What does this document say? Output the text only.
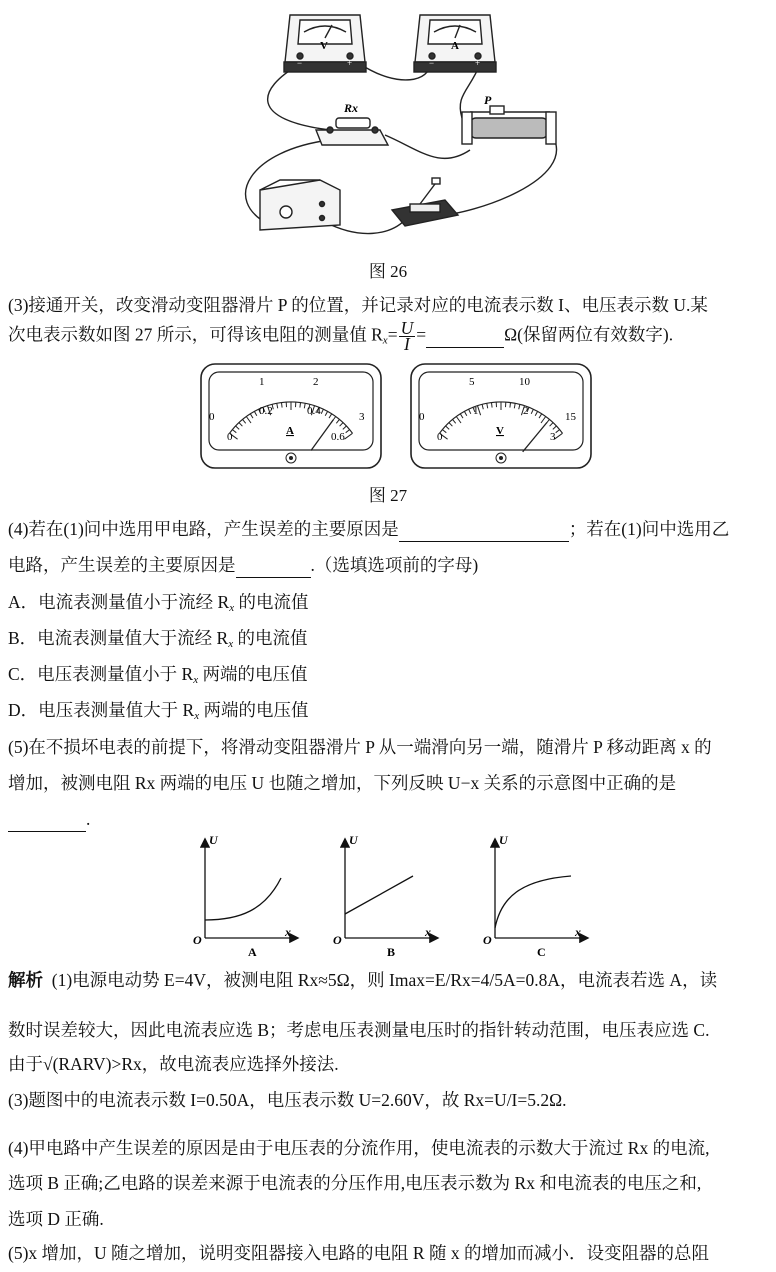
V
−	+
A
−	+
Rx
P
图 26
(3)接通开关，改变滑动变阻器滑片 P 的位置，并记录对应的电流表示数 I、电压表示数 U.某
次电表示数如图 27 所示，可得该电阻的测量值 $R_x= \frac{U}{I}$ =	Ω(保留两位有效数字).
A
0
1	2
3
0
0.2	0.4
0.6	V
0
5	10
15
0
1	2
3
图 27
(4)若在(1)问中选用甲电路，产生误差的主要原因是	；若在(1)问中选用乙
电路，产生误差的主要原因是	.（选填选项前的字母)
A．电流表测量值小于流经 $R_x$ 的电流值
B．电流表测量值大于流经 $R_x$ 的电流值
C．电压表测量值小于 $R_x$ 两端的电压值
D．电压表测量值大于 $R_x$ 两端的电压值
(5)在不损坏电表的前提下，将滑动变阻器滑片 P 从一端滑向另一端，随滑片 P 移动距离 x 的
增加，被测电阻 Rx 两端的电压 U 也随之增加，下列反映 U−x 关系的示意图中正确的是
.
U
x
O
A
U
x
O
B
U
x
O
C
解析 (1)电源电动势 E=4V，被测电阻 Rx≈5Ω，则 Imax=E/Rx=4/5A=0.8A，电流表若选 A，读
数时误差较大，因此电流表应选 B；考虑电压表测量电压时的指针转动范围，电压表应选 C.
由于√(RARV)>Rx，故电流表应选择外接法.
(3)题图中的电流表示数 I=0.50A，电压表示数 U=2.60V，故 Rx=U/I=5.2Ω.
(4)甲电路中产生误差的原因是由于电压表的分流作用，使电流表的示数大于流过 Rx 的电流,
选项 B 正确;乙电路的误差来源于电流表的分压作用,电压表示数为 Rx 和电流表的电压之和,
选项 D 正确.
(5)x 增加，U 随之增加，说明变阻器接入电路的电阻 R 随 x 的增加而减小．设变阻器的总阻
